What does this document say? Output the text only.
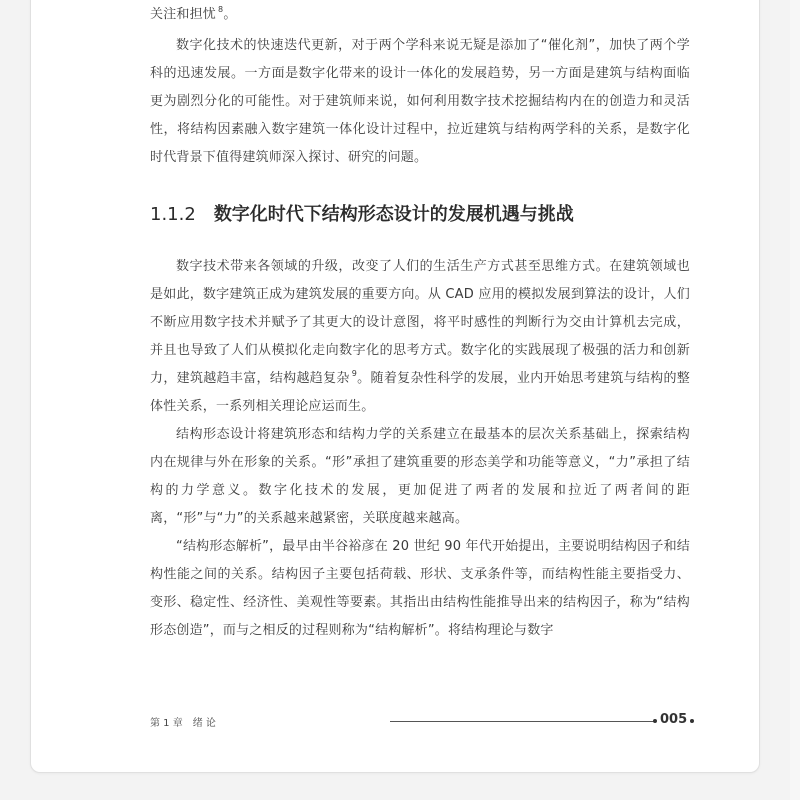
关注和担忧 $^8$。

数字化技术的快速迭代更新，对于两个学科来说无疑是添加了“催化剂”，加快了两个学科的迅速发展。一方面是数字化带来的设计一体化的发展趋势，另一方面是建筑与结构面临更为剧烈分化的可能性。对于建筑师来说，如何利用数字技术挖掘结构内在的创造力和灵活性，将结构因素融入数字建筑一体化设计过程中，拉近建筑与结构两学科的关系，是数字化时代背景下值得建筑师深入探讨、研究的问题。

1.1.2 数字化时代下结构形态设计的发展机遇与挑战

数字技术带来各领域的升级，改变了人们的生活生产方式甚至思维方式。在建筑领域也是如此，数字建筑正成为建筑发展的重要方向。从 CAD 应用的模拟发展到算法的设计，人们不断应用数字技术并赋予了其更大的设计意图，将平时感性的判断行为交由计算机去完成，并且也导致了人们从模拟化走向数字化的思考方式。数字化的实践展现了极强的活力和创新力，建筑越趋丰富，结构越趋复杂 $^9$。随着复杂性科学的发展，业内开始思考建筑与结构的整体性关系，一系列相关理论应运而生。

结构形态设计将建筑形态和结构力学的关系建立在最基本的层次关系基础上，探索结构内在规律与外在形象的关系。“形”承担了建筑重要的形态美学和功能等意义，“力”承担了结构的力学意义。数字化技术的发展，更加促进了两者的发展和拉近了两者间的距离，“形”与“力”的关系越来越紧密，关联度越来越高。

“结构形态解析”，最早由半谷裕彦在 20 世纪 90 年代开始提出，主要说明结构因子和结构性能之间的关系。结构因子主要包括荷载、形状、支承条件等，而结构性能主要指受力、变形、稳定性、经济性、美观性等要素。其指出由结构性能推导出来的结构因子，称为“结构形态创造”，而与之相反的过程则称为“结构解析”。将结构理论与数字

第 1 章　绪 论	005
